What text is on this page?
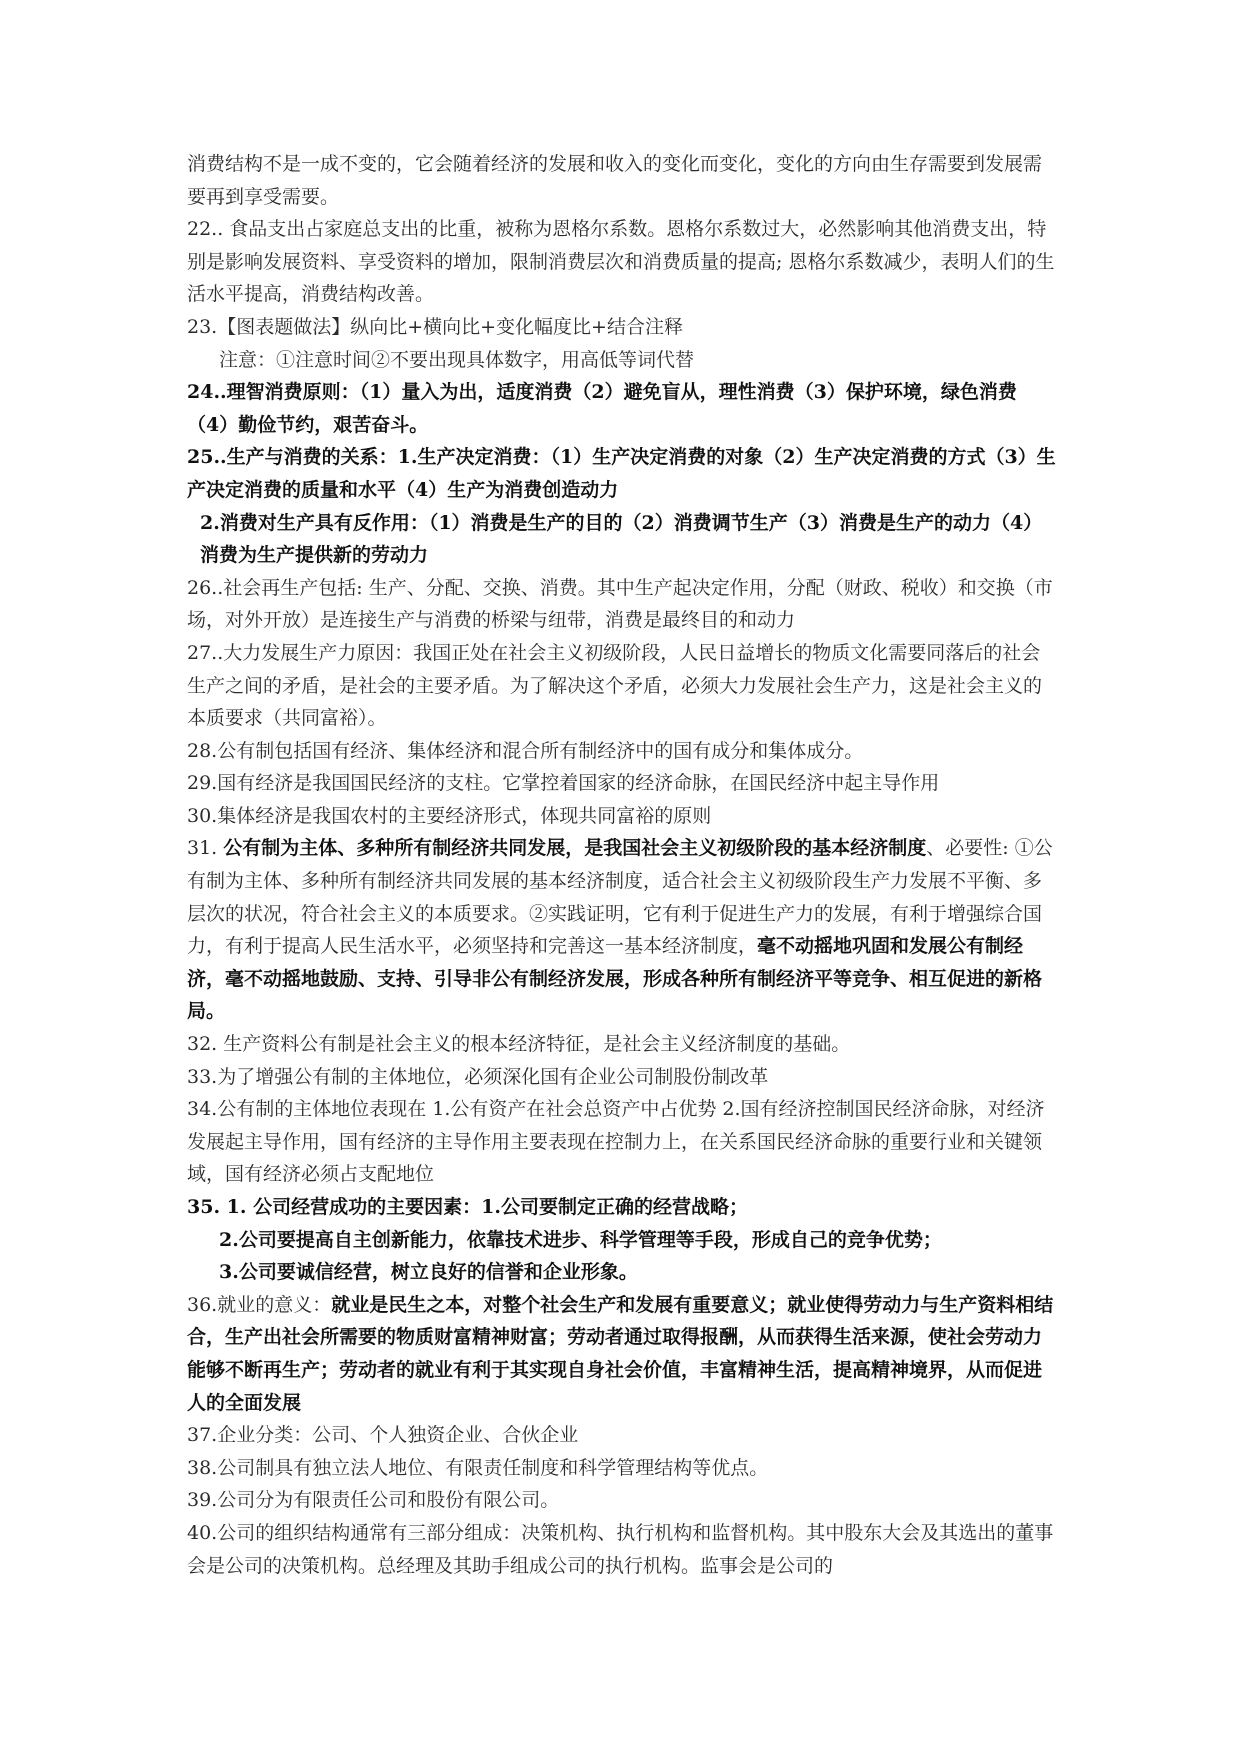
消费结构不是一成不变的，它会随着经济的发展和收入的变化而变化，变化的方向由生存需要到发展需要再到享受需要。

22.. 食品支出占家庭总支出的比重，被称为恩格尔系数。恩格尔系数过大，必然影响其他消费支出，特别是影响发展资料、享受资料的增加，限制消费层次和消费质量的提高; 恩格尔系数减少，表明人们的生活水平提高，消费结构改善。

23.【图表题做法】纵向比+横向比+变化幅度比+结合注释

注意：①注意时间②不要出现具体数字，用高低等词代替

24..理智消费原则：（1）量入为出，适度消费（2）避免盲从，理性消费（3）保护环境，绿色消费（4）勤俭节约，艰苦奋斗。

25..生产与消费的关系：1.生产决定消费：（1）生产决定消费的对象（2）生产决定消费的方式（3）生产决定消费的质量和水平（4）生产为消费创造动力

2.消费对生产具有反作用：（1）消费是生产的目的（2）消费调节生产（3）消费是生产的动力（4）消费为生产提供新的劳动力

26..社会再生产包括: 生产、分配、交换、消费。其中生产起决定作用，分配（财政、税收）和交换（市场，对外开放）是连接生产与消费的桥梁与纽带，消费是最终目的和动力

27..大力发展生产力原因：我国正处在社会主义初级阶段，人民日益增长的物质文化需要同落后的社会生产之间的矛盾，是社会的主要矛盾。为了解决这个矛盾，必须大力发展社会生产力，这是社会主义的本质要求（共同富裕）。

28.公有制包括国有经济、集体经济和混合所有制经济中的国有成分和集体成分。

29.国有经济是我国国民经济的支柱。它掌控着国家的经济命脉，在国民经济中起主导作用

30.集体经济是我国农村的主要经济形式，体现共同富裕的原则

31. 公有制为主体、多种所有制经济共同发展，是我国社会主义初级阶段的基本经济制度、必要性: ①公有制为主体、多种所有制经济共同发展的基本经济制度，适合社会主义初级阶段生产力发展不平衡、多层次的状况，符合社会主义的本质要求。②实践证明，它有利于促进生产力的发展，有利于增强综合国力，有利于提高人民生活水平，必须坚持和完善这一基本经济制度，毫不动摇地巩固和发展公有制经济，毫不动摇地鼓励、支持、引导非公有制经济发展，形成各种所有制经济平等竞争、相互促进的新格局。

32. 生产资料公有制是社会主义的根本经济特征，是社会主义经济制度的基础。

33.为了增强公有制的主体地位，必须深化国有企业公司制股份制改革

34.公有制的主体地位表现在 1.公有资产在社会总资产中占优势 2.国有经济控制国民经济命脉，对经济发展起主导作用，国有经济的主导作用主要表现在控制力上，在关系国民经济命脉的重要行业和关键领域，国有经济必须占支配地位

35. 1. 公司经营成功的主要因素：1.公司要制定正确的经营战略；

2.公司要提高自主创新能力，依靠技术进步、科学管理等手段，形成自己的竞争优势；

3.公司要诚信经营，树立良好的信誉和企业形象。

36.就业的意义：就业是民生之本，对整个社会生产和发展有重要意义；就业使得劳动力与生产资料相结合，生产出社会所需要的物质财富精神财富；劳动者通过取得报酬，从而获得生活来源，使社会劳动力能够不断再生产；劳动者的就业有利于其实现自身社会价值，丰富精神生活，提高精神境界，从而促进人的全面发展

37.企业分类：公司、个人独资企业、合伙企业

38.公司制具有独立法人地位、有限责任制度和科学管理结构等优点。

39.公司分为有限责任公司和股份有限公司。

40.公司的组织结构通常有三部分组成：决策机构、执行机构和监督机构。其中股东大会及其选出的董事会是公司的决策机构。总经理及其助手组成公司的执行机构。监事会是公司的
